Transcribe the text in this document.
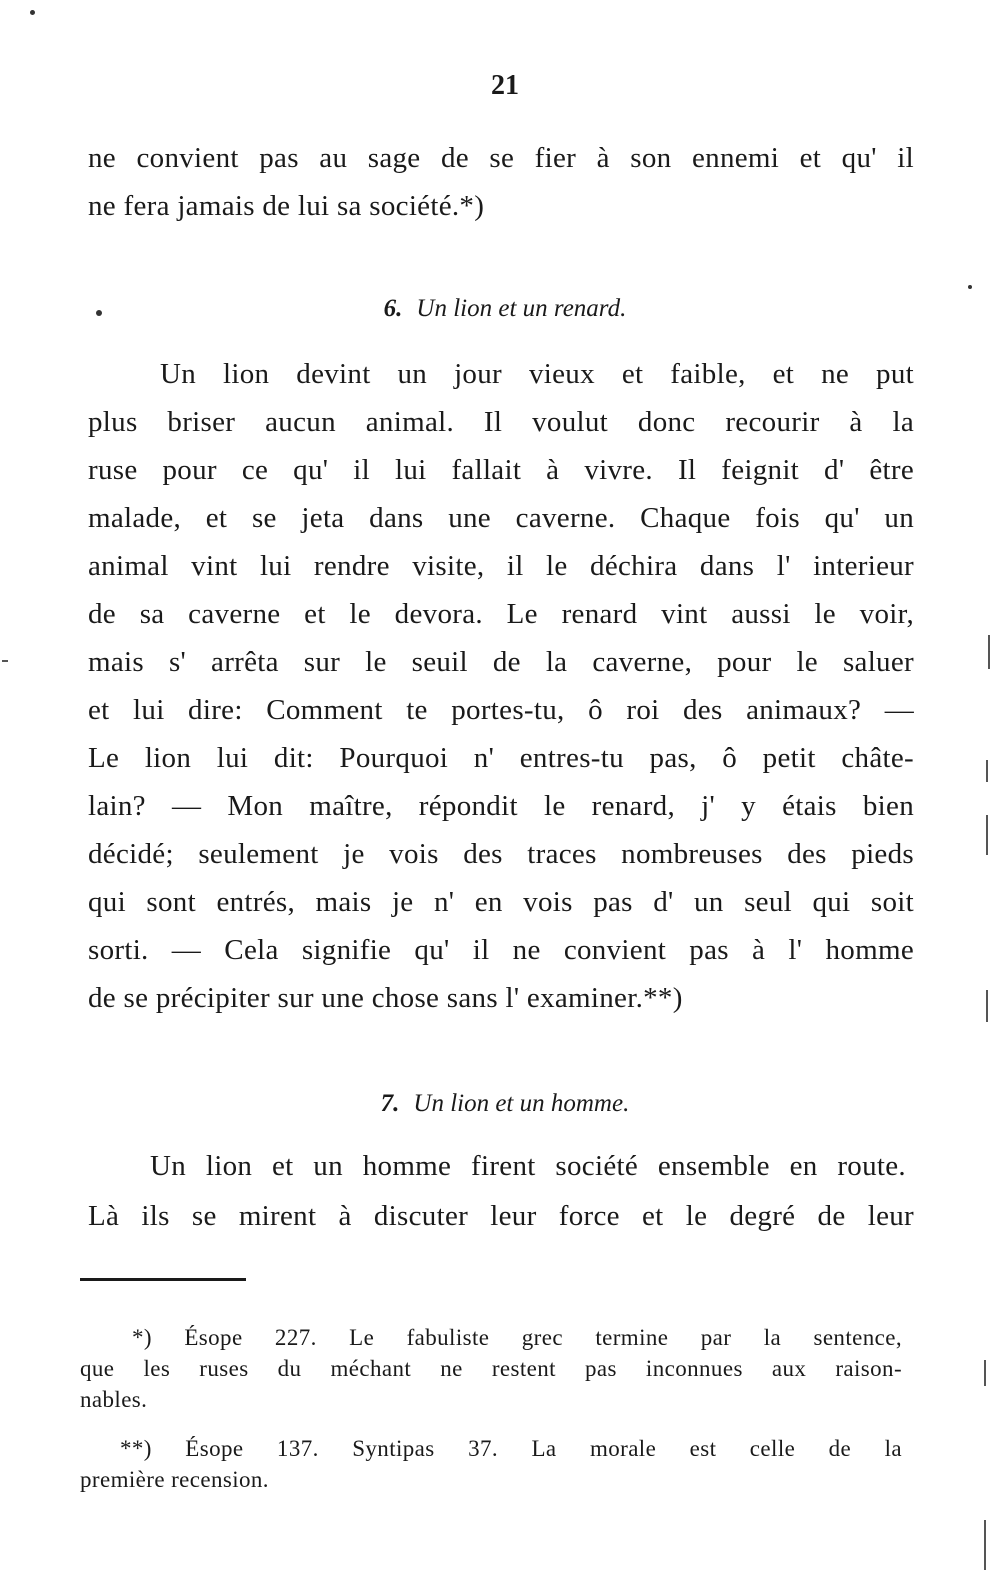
21
ne convient pas au sage de se fier à son ennemi et qu' il
ne fera jamais de lui sa société.*)
6. Un lion et un renard.
Un lion devint un jour vieux et faible, et ne put
plus briser aucun animal. Il voulut donc recourir à la
ruse pour ce qu' il lui fallait à vivre. Il feignit d' être
malade, et se jeta dans une caverne. Chaque fois qu' un
animal vint lui rendre visite, il le déchira dans l' interieur
de sa caverne et le devora. Le renard vint aussi le voir,
mais s' arrêta sur le seuil de la caverne, pour le saluer
et lui dire: Comment te portes-tu, ô roi des animaux? —
Le lion lui dit: Pourquoi n' entres-tu pas, ô petit châte-
lain? — Mon maître, répondit le renard, j' y étais bien
décidé; seulement je vois des traces nombreuses des pieds
qui sont entrés, mais je n' en vois pas d' un seul qui soit
sorti. — Cela signifie qu' il ne convient pas à l' homme
de se précipiter sur une chose sans l' examiner.**)
7. Un lion et un homme.
Un lion et un homme firent société ensemble en route.
Là ils se mirent à discuter leur force et le degré de leur
*) Ésope 227. Le fabuliste grec termine par la sentence,
que les ruses du méchant ne restent pas inconnues aux raison-
nables.
**) Ésope 137. Syntipas 37. La morale est celle de la
première recension.
